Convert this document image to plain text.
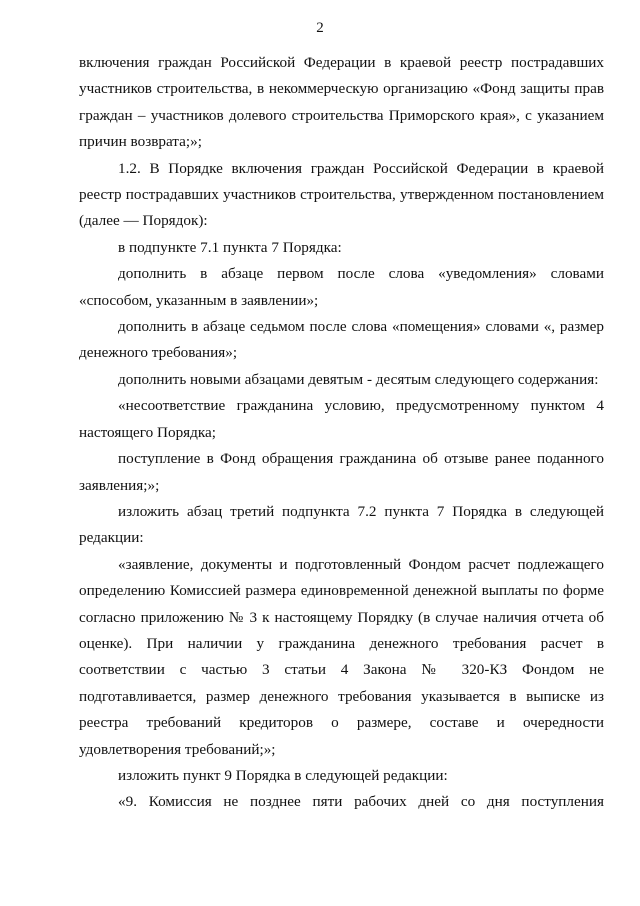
2

включения граждан Российской Федерации в краевой реестр пострадавших участников строительства, в некоммерческую организацию «Фонд защиты прав граждан – участников долевого строительства Приморского края», с указанием причин возврата;»;

1.2. В Порядке включения граждан Российской Федерации в краевой реестр пострадавших участников строительства, утвержденном постановлением (далее — Порядок):

в подпункте 7.1 пункта 7 Порядка:

дополнить в абзаце первом после слова «уведомления» словами «способом, указанным в заявлении»;

дополнить в абзаце седьмом после слова «помещения» словами «, размер денежного требования»;

дополнить новыми абзацами девятым - десятым следующего содержания:

«несоответствие гражданина условию, предусмотренному пунктом 4 настоящего Порядка;

поступление в Фонд обращения гражданина об отзыве ранее поданного заявления;»;

изложить абзац третий подпункта 7.2 пункта 7 Порядка в следующей редакции:

«заявление, документы и подготовленный Фондом расчет подлежащего определению Комиссией размера единовременной денежной выплаты по форме согласно приложению № 3 к настоящему Порядку (в случае наличия отчета об оценке). При наличии у гражданина денежного требования расчет в соответствии с частью 3 статьи 4 Закона № 320-КЗ Фондом не подготавливается, размер денежного требования указывается в выписке из реестра требований кредиторов о размере, составе и очередности удовлетворения требований;»;

изложить пункт 9 Порядка в следующей редакции:

«9. Комиссия не позднее пяти рабочих дней со дня поступления
